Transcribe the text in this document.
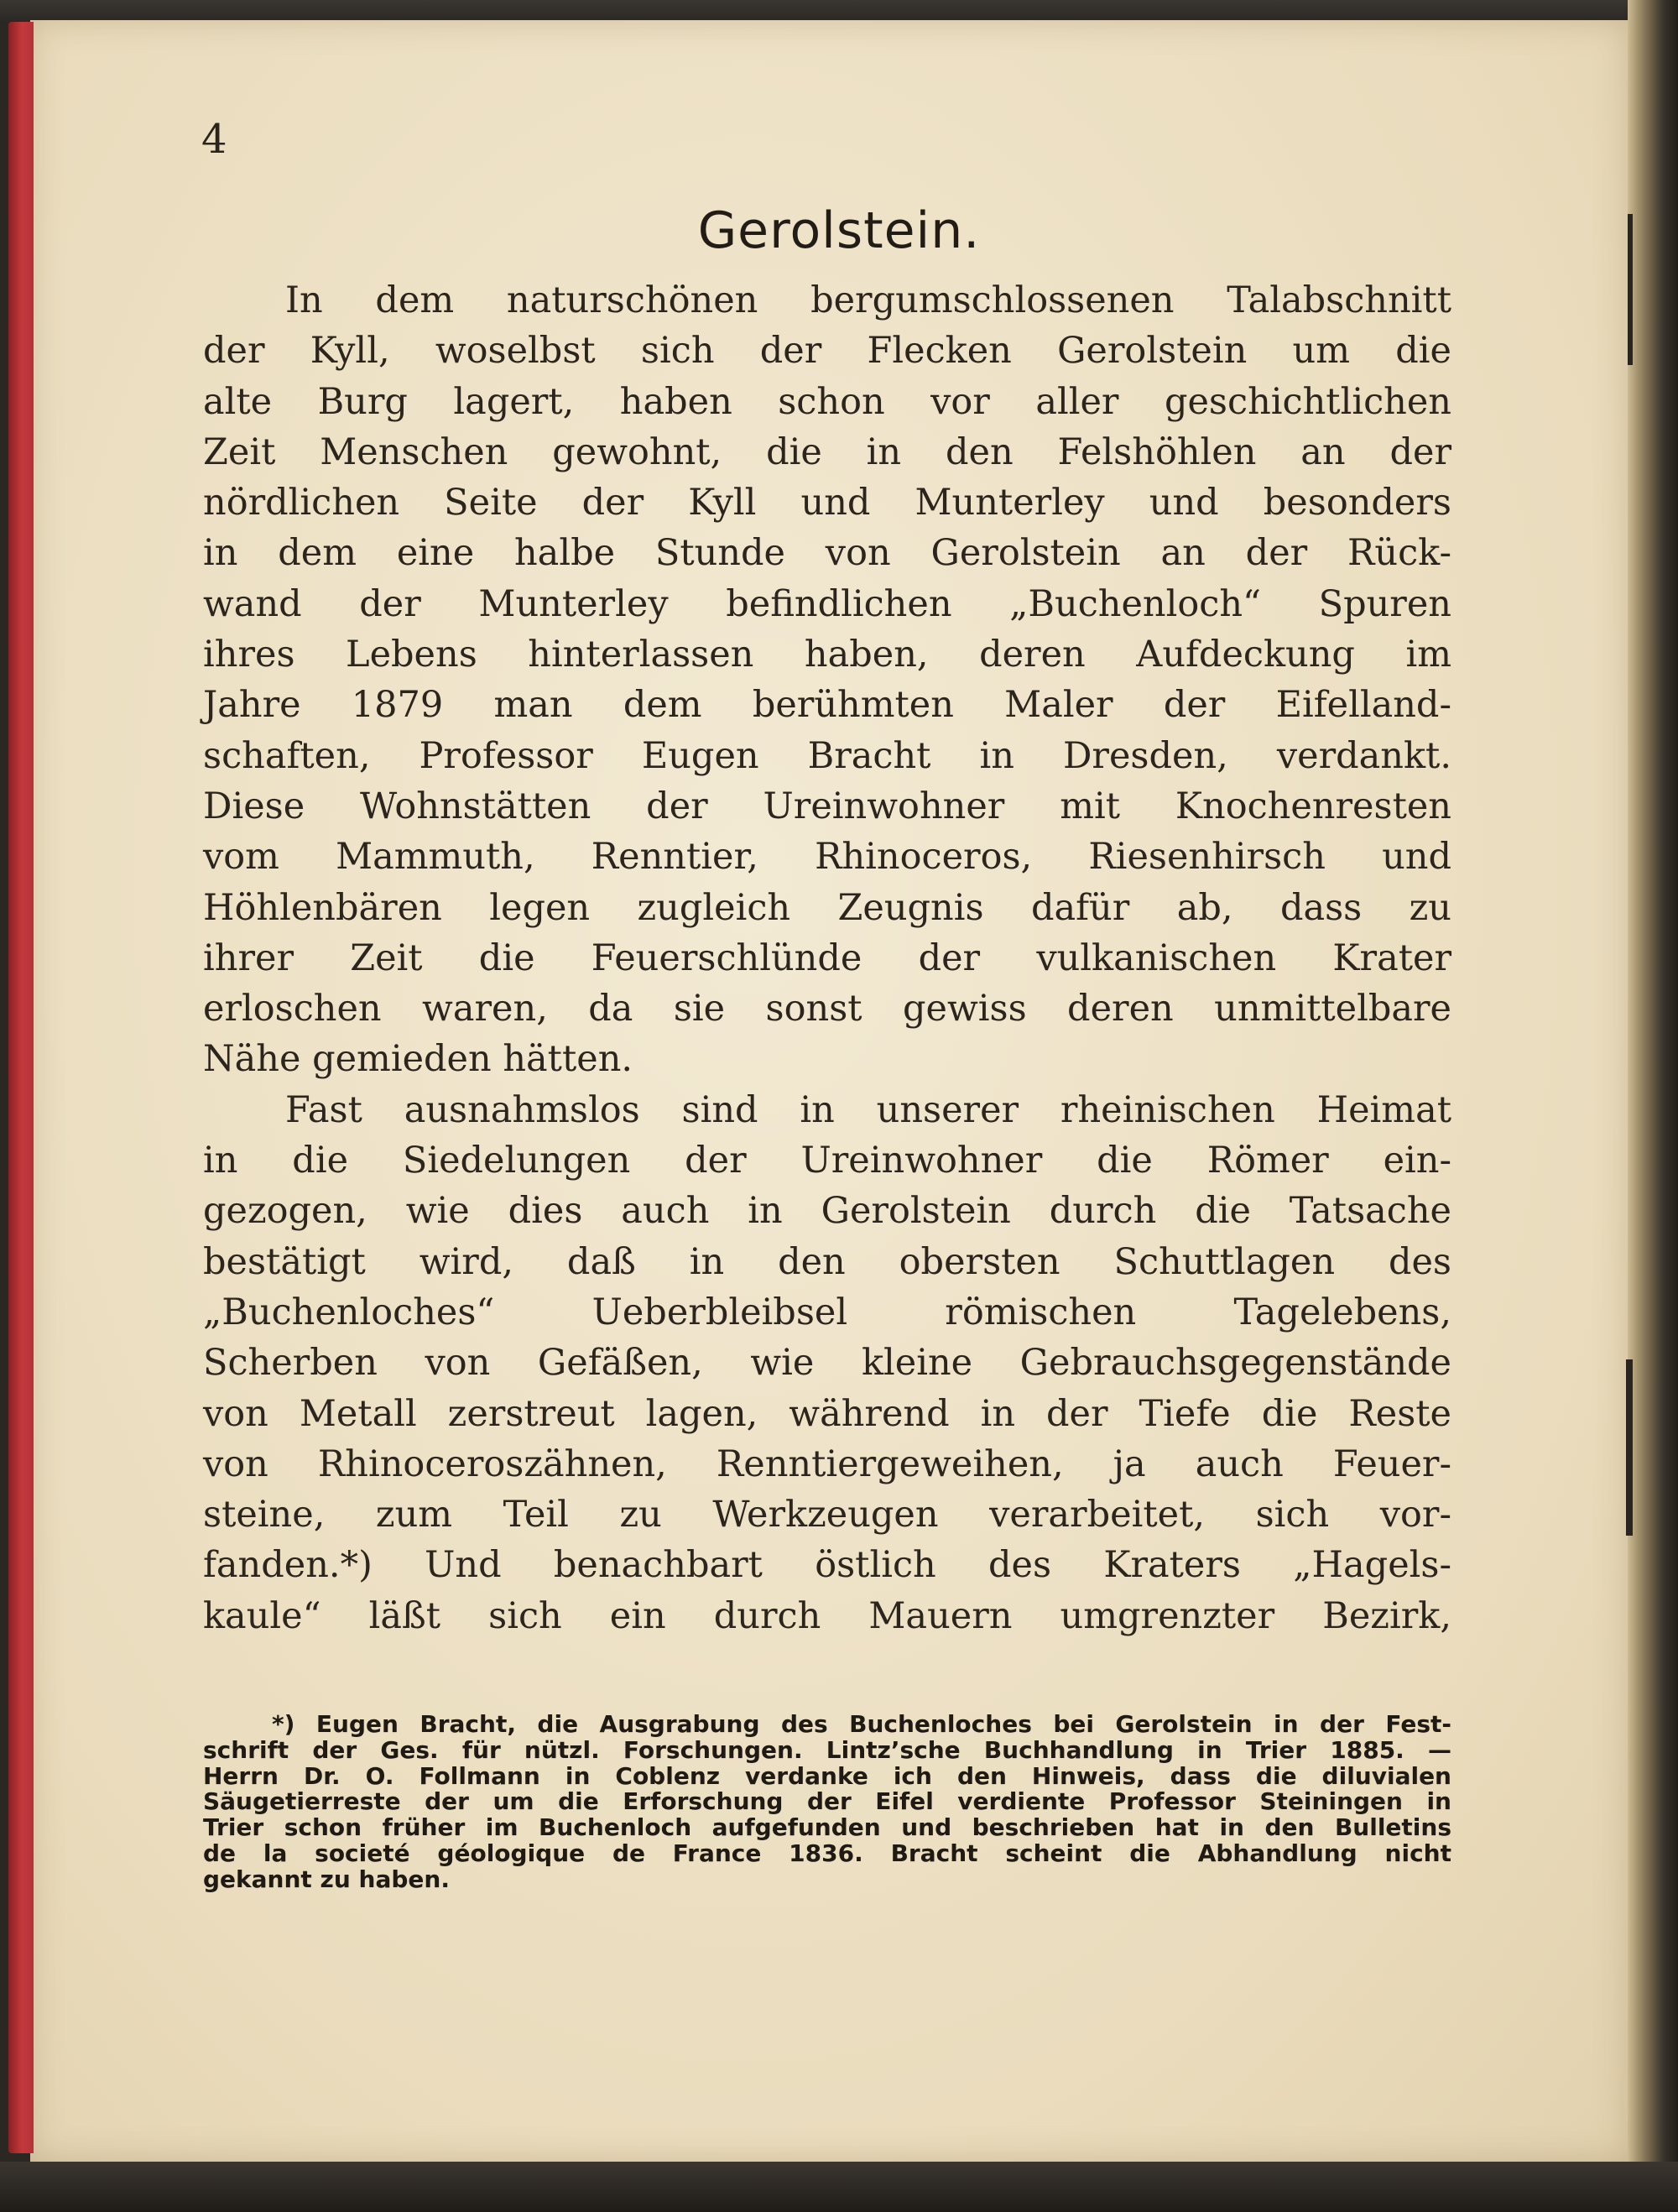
4
Gerolstein.
In dem naturschönen bergumschlossenen Talabschnitt
der Kyll, woselbst sich der Flecken Gerolstein um die
alte Burg lagert, haben schon vor aller geschichtlichen
Zeit Menschen gewohnt, die in den Felshöhlen an der
nördlichen Seite der Kyll und Munterley und besonders
in dem eine halbe Stunde von Gerolstein an der Rück-
wand der Munterley befindlichen „Buchenloch“ Spuren
ihres Lebens hinterlassen haben, deren Aufdeckung im
Jahre 1879 man dem berühmten Maler der Eifelland-
schaften, Professor Eugen Bracht in Dresden, verdankt.
Diese Wohnstätten der Ureinwohner mit Knochenresten
vom Mammuth, Renntier, Rhinoceros, Riesenhirsch und
Höhlenbären legen zugleich Zeugnis dafür ab, dass zu
ihrer Zeit die Feuerschlünde der vulkanischen Krater
erloschen waren, da sie sonst gewiss deren unmittelbare
Nähe gemieden hätten.
Fast ausnahmslos sind in unserer rheinischen Heimat
in die Siedelungen der Ureinwohner die Römer ein-
gezogen, wie dies auch in Gerolstein durch die Tatsache
bestätigt wird, daß in den obersten Schuttlagen des
„Buchenloches“ Ueberbleibsel römischen Tagelebens,
Scherben von Gefäßen, wie kleine Gebrauchsgegenstände
von Metall zerstreut lagen, während in der Tiefe die Reste
von Rhinoceroszähnen, Renntiergeweihen, ja auch Feuer-
steine, zum Teil zu Werkzeugen verarbeitet, sich vor-
fanden.*) Und benachbart östlich des Kraters „Hagels-
kaule“ läßt sich ein durch Mauern umgrenzter Bezirk,
*) Eugen Bracht, die Ausgrabung des Buchenloches bei Gerolstein in der Fest-
schrift der Ges. für nützl. Forschungen. Lintz’sche Buchhandlung in Trier 1885. —
Herrn Dr. O. Follmann in Coblenz verdanke ich den Hinweis, dass die diluvialen
Säugetierreste der um die Erforschung der Eifel verdiente Professor Steiningen in
Trier schon früher im Buchenloch aufgefunden und beschrieben hat in den Bulletins
de la societé géologique de France 1836. Bracht scheint die Abhandlung nicht
gekannt zu haben.
